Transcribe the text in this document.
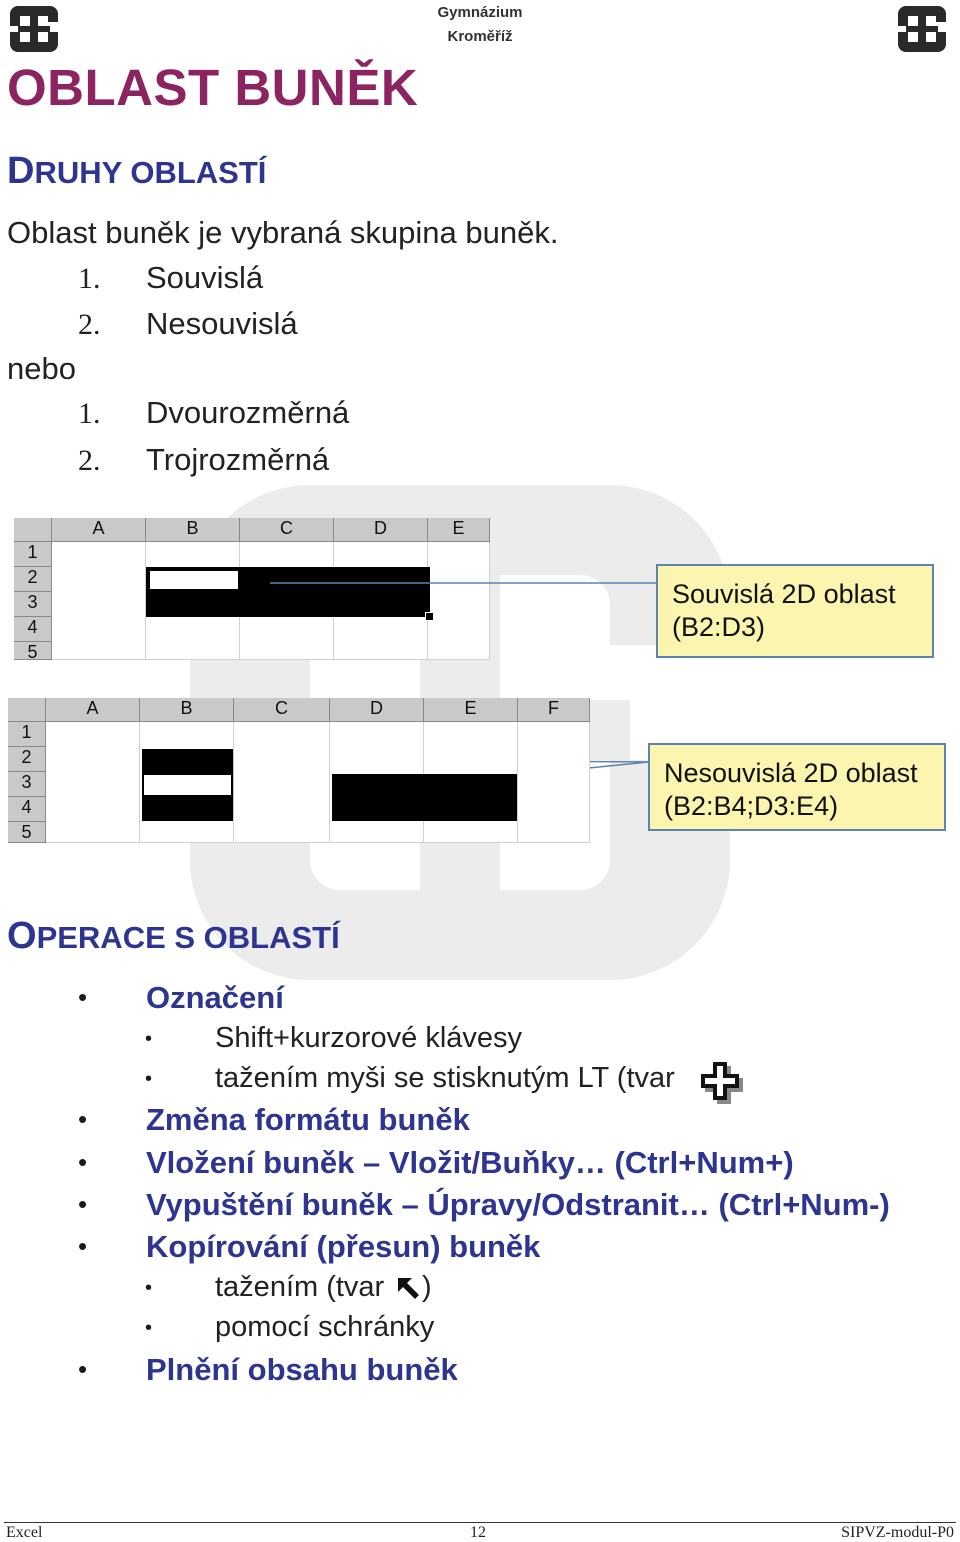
Gymnázium
Kroměříž
OBLAST BUNĚK
DRUHY OBLASTÍ
Oblast buněk je vybraná skupina buněk.
1. Souvislá
2. Nesouvislá
nebo
1. Dvourozměrná
2. Trojrozměrná
A	B	C	D	E
1
2
3
4
5
Souvislá 2D oblast
(B2:D3)
A	B	C	D	E	F
1
2
3
4
5
Nesouvislá 2D oblast
(B2:B4;D3:E4)
OPERACE S OBLASTÍ
• Označení
• Shift+kurzorové klávesy
• tažením myši se stisknutým LT (tvar
• Změna formátu buněk
• Vložení buněk – Vložit/Buňky… (Ctrl+Num+)
• Vypuštění buněk – Úpravy/Odstranit… (Ctrl+Num-)
• Kopírování (přesun) buněk
• tažením (tvar )
• pomocí schránky
• Plnění obsahu buněk
Excel	12	SIPVZ-modul-P0
